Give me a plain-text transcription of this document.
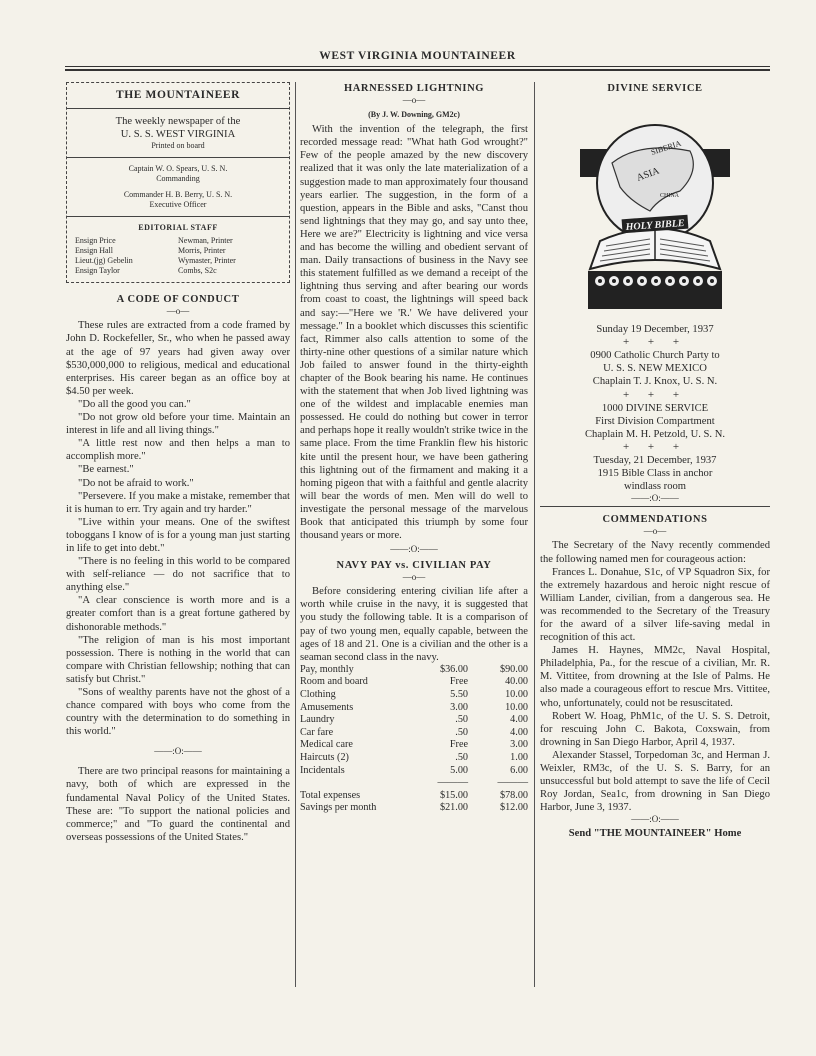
WEST VIRGINIA MOUNTAINEER
THE MOUNTAINEER
The weekly newspaper of the
U. S. S. WEST VIRGINIA
Printed on board
Captain W. O. Spears, U. S. N.
Commanding
Commander H. B. Berry, U. S. N.
Executive Officer
EDITORIAL STAFF
Ensign Price	Newman, Printer
Ensign Hall	Morris, Printer
Lieut.(jg) Gebelin	Wymaster, Printer
Ensign Taylor	Combs, S2c
A CODE OF CONDUCT
—o—

These rules are extracted from a code framed by John D. Rockefeller, Sr., who when he passed away at the age of 97 years had given away over $530,000,000 to religious, medical and educational enterprises. His career began as an office boy at $4.50 per week.

"Do all the good you can."

"Do not grow old before your time. Maintain an interest in life and all living things."

"A little rest now and then helps a man to accomplish more."

"Be earnest."

"Do not be afraid to work."

"Persevere. If you make a mistake, remember that it is human to err. Try again and try harder."

"Live within your means. One of the swiftest toboggans I know of is for a young man just starting in life to get into debt."

"There is no feeling in this world to be compared with self-reliance — do not sacrifice that to anything else."

"A clear conscience is worth more and is a greater comfort than is a great fortune gathered by dishonorable methods."

"The religion of man is his most important possession. There is nothing in the world that can compare with Christian fellowship; nothing that can satisfy but Christ."

"Sons of wealthy parents have not the ghost of a chance compared with boys who come from the country with the determination to do something in this world."

——:O:——

There are two principal reasons for maintaining a navy, both of which are expressed in the fundamental Naval Policy of the United States. These are: "To support the national policies and commerce;" and "To guard the continental and overseas possessions of the United States."

HARNESSED LIGHTNING
—o—
(By J. W. Downing, GM2c)

With the invention of the telegraph, the first recorded message read: "What hath God wrought?" Few of the people amazed by the new discovery realized that it was only the late materialization of a suggestion made to man approximately four thousand years earlier. The suggestion, in the form of a question, appears in the Bible and asks, "Canst thou send lightnings that they may go, and say unto thee, Here we are?" Electricity is lightning and vice versa and has become the willing and obedient servant of man. Daily transactions of business in the Navy see this statement fulfilled as we demand a receipt of the lightning thus serving and after bearing our words from coast to coast, the lightnings will speed back and say:—"Here we 'R.' We have delivered your message." In a booklet which discusses this scientific fact, Rimmer also calls attention to some of the thirty-nine other questions of a similar nature which Job failed to answer found in the thirty-eighth chapter of the Book bearing his name. He continues with the statement that when Job lived lightning was one of the wildest and implacable enemies man possessed. He could do nothing but cower in terror and perhaps hope it really wouldn't strike twice in the same place. From the time Franklin flew his historic kite until the present hour, we have been gathering this lightning out of the firmament and making it a homing pigeon that with a faithful and gentle alacrity will bear the words of men. Men will do well to investigate the personal message of the marvelous Book that anticipated this triumph by some four thousand years or more.

——:O:——
NAVY PAY vs. CIVILIAN PAY
—o—

Before considering entering civilian life after a worth while cruise in the navy, it is suggested that you study the following table. It is a comparison of pay of two young men, equally capable, between the ages of 18 and 21. One is a civilian and the other is a seaman second class in the navy.

Pay, monthly	$36.00	$90.00
Room and board	Free	40.00
Clothing	5.50	10.00
Amusements	3.00	10.00
Laundry	.50	4.00
Car fare	.50	4.00
Medical care	Free	3.00
Haircuts (2)	.50	1.00
Incidentals	5.00	6.00
	———	———
Total expenses	$15.00	$78.00
Savings per month	$21.00	$12.00
DIVINE SERVICE
SIBERIA
ASIA
CHINA
HOLY BIBLE
Sunday 19 December, 1937
+ + +
0900 Catholic Church Party to
U. S. S. NEW MEXICO
Chaplain T. J. Knox, U. S. N.
+ + +
1000 DIVINE SERVICE
First Division Compartment
Chaplain M. H. Petzold, U. S. N.
+ + +
Tuesday, 21 December, 1937
1915 Bible Class in anchor
windlass room
——:O:——
COMMENDATIONS
—o—

The Secretary of the Navy recently commended the following named men for courageous action:

Frances L. Donahue, S1c, of VP Squadron Six, for the extremely hazardous and heroic night rescue of William Lander, civilian, from a dangerous sea. He was recommended to the Secretary of the Treasury for the award of a silver life-saving medal in recognition of this act.

James H. Haynes, MM2c, Naval Hospital, Philadelphia, Pa., for the rescue of a civilian, Mr. R. M. Vittitee, from drowning at the Isle of Palms. He also made a courageous effort to rescue Mrs. Vittitee, who, unfortunately, could not be resuscitated.

Robert W. Hoag, PhM1c, of the U. S. S. Detroit, for rescuing John C. Bakota, Coxswain, from drowning in San Diego Harbor, April 4, 1937.

Alexander Stassel, Torpedoman 3c, and Herman J. Weixler, RM3c, of the U. S. S. Barry, for an unsuccessful but bold attempt to save the life of Cecil Roy Jordan, Sea1c, from drowning in San Diego Harbor, June 3, 1937.

——:O:——
Send "THE MOUNTAINEER" Home
